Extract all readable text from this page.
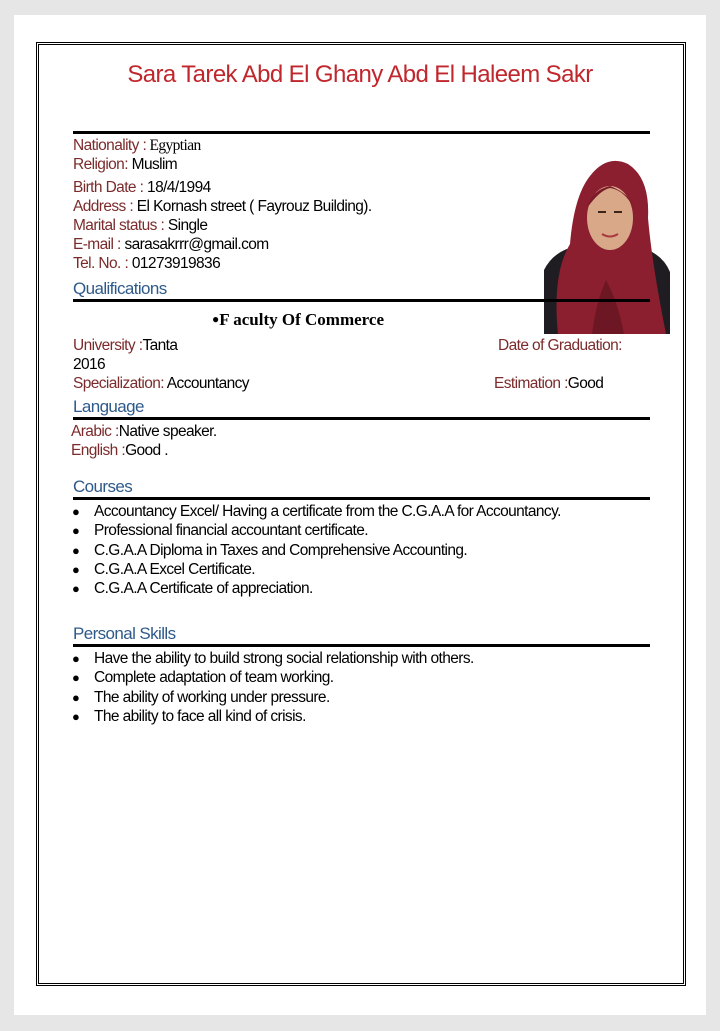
Sara Tarek Abd El Ghany Abd El Haleem Sakr
Nationality : Egyptian
Religion: Muslim
Birth Date : 18/4/1994
Address : El Kornash street ( Fayrouz Building).
Marital status : Single
E-mail : sarasakrrr@gmail.com
Tel. No. : 01273919836
Qualifications
●F aculty Of Commerce
University :Tanta	Date of Graduation:
2016
Specialization: Accountancy	Estimation :Good
Language
Arabic :Native speaker.
English :Good .
Courses
● Accountancy Excel/ Having a certificate from the C.G.A.A for Accountancy.
● Professional financial accountant certificate.
● C.G.A.A Diploma in Taxes and Comprehensive Accounting.
● C.G.A.A Excel Certificate.
● C.G.A.A Certificate of appreciation.
Personal Skills
● Have the ability to build strong social relationship with others.
● Complete adaptation of team working.
● The ability of working under pressure.
● The ability to face all kind of crisis.
